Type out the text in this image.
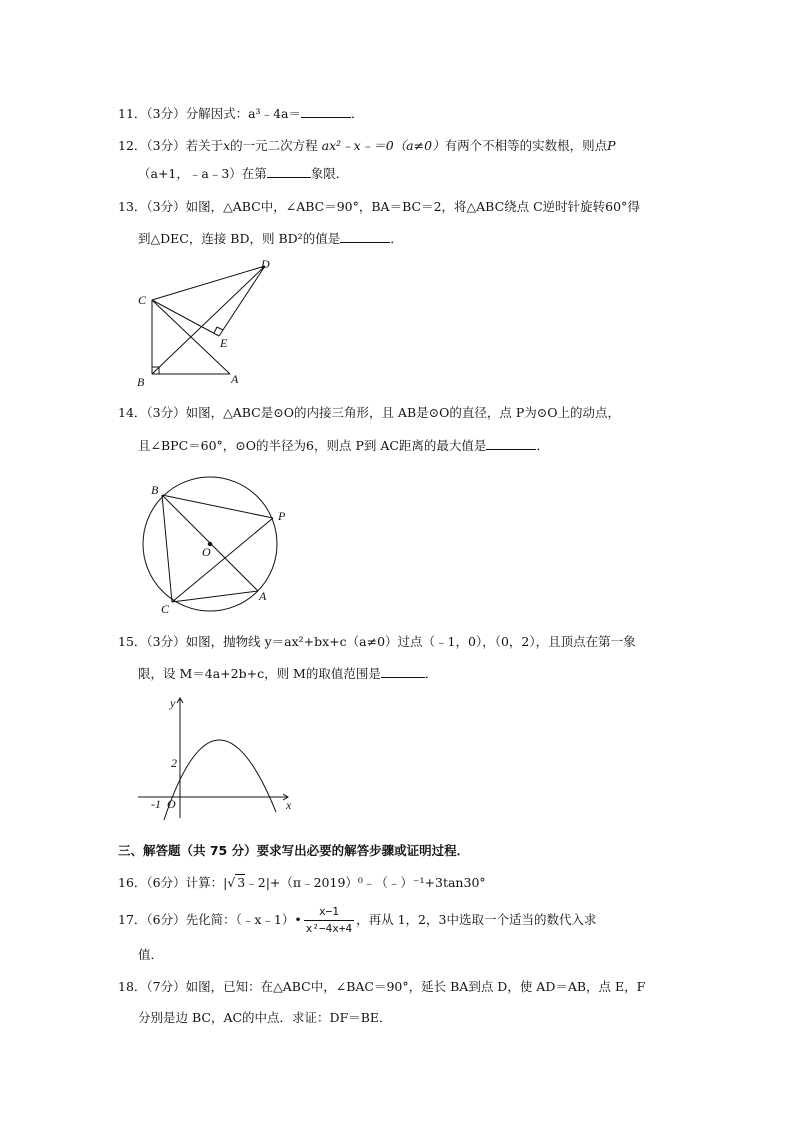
11．（3分）分解因式：a³﹣4a＝	．
12．（3分）若关于x的一元二次方程 ax²﹣x﹣＝0（a≠0）有两个不相等的实数根，则点P
（a+1，﹣a﹣3）在第	象限．
13．（3分）如图，△ABC中，∠ABC＝90°，BA＝BC＝2，将△ABC绕点 C逆时针旋转60°得
到△DEC，连接 BD，则 BD²的值是	．
C
D
E
B	A
14．（3分）如图，△ABC是⊙O的内接三角形，且 AB是⊙O的直径，点 P为⊙O上的动点，
且∠BPC＝60°，⊙O的半径为6，则点 P到 AC距离的最大值是	．
B
P
O
C
A
15．（3分）如图，抛物线 y＝ax²+bx+c（a≠0）过点（﹣1，0），（0，2），且顶点在第一象
限，设 M＝4a+2b+c，则 M的取值范围是	．
y
x
2
-1 O
三、解答题（共 75 分）要求写出必要的解答步骤或证明过程．
16．（6分）计算：|√ 3﹣2|+（π﹣2019）⁰﹣（﹣）⁻¹+3tan30°
17．（6分）先化简：（﹣x﹣1）• $\frac{x-1}{\text{x²−4x+4}}$ ，再从 1，2，3中选取一个适当的数代入求
值．
18．（7分）如图，已知：在△ABC中，∠BAC＝90°，延长 BA到点 D，使 AD＝AB，点 E，F
分别是边 BC，AC的中点．求证：DF＝BE．
